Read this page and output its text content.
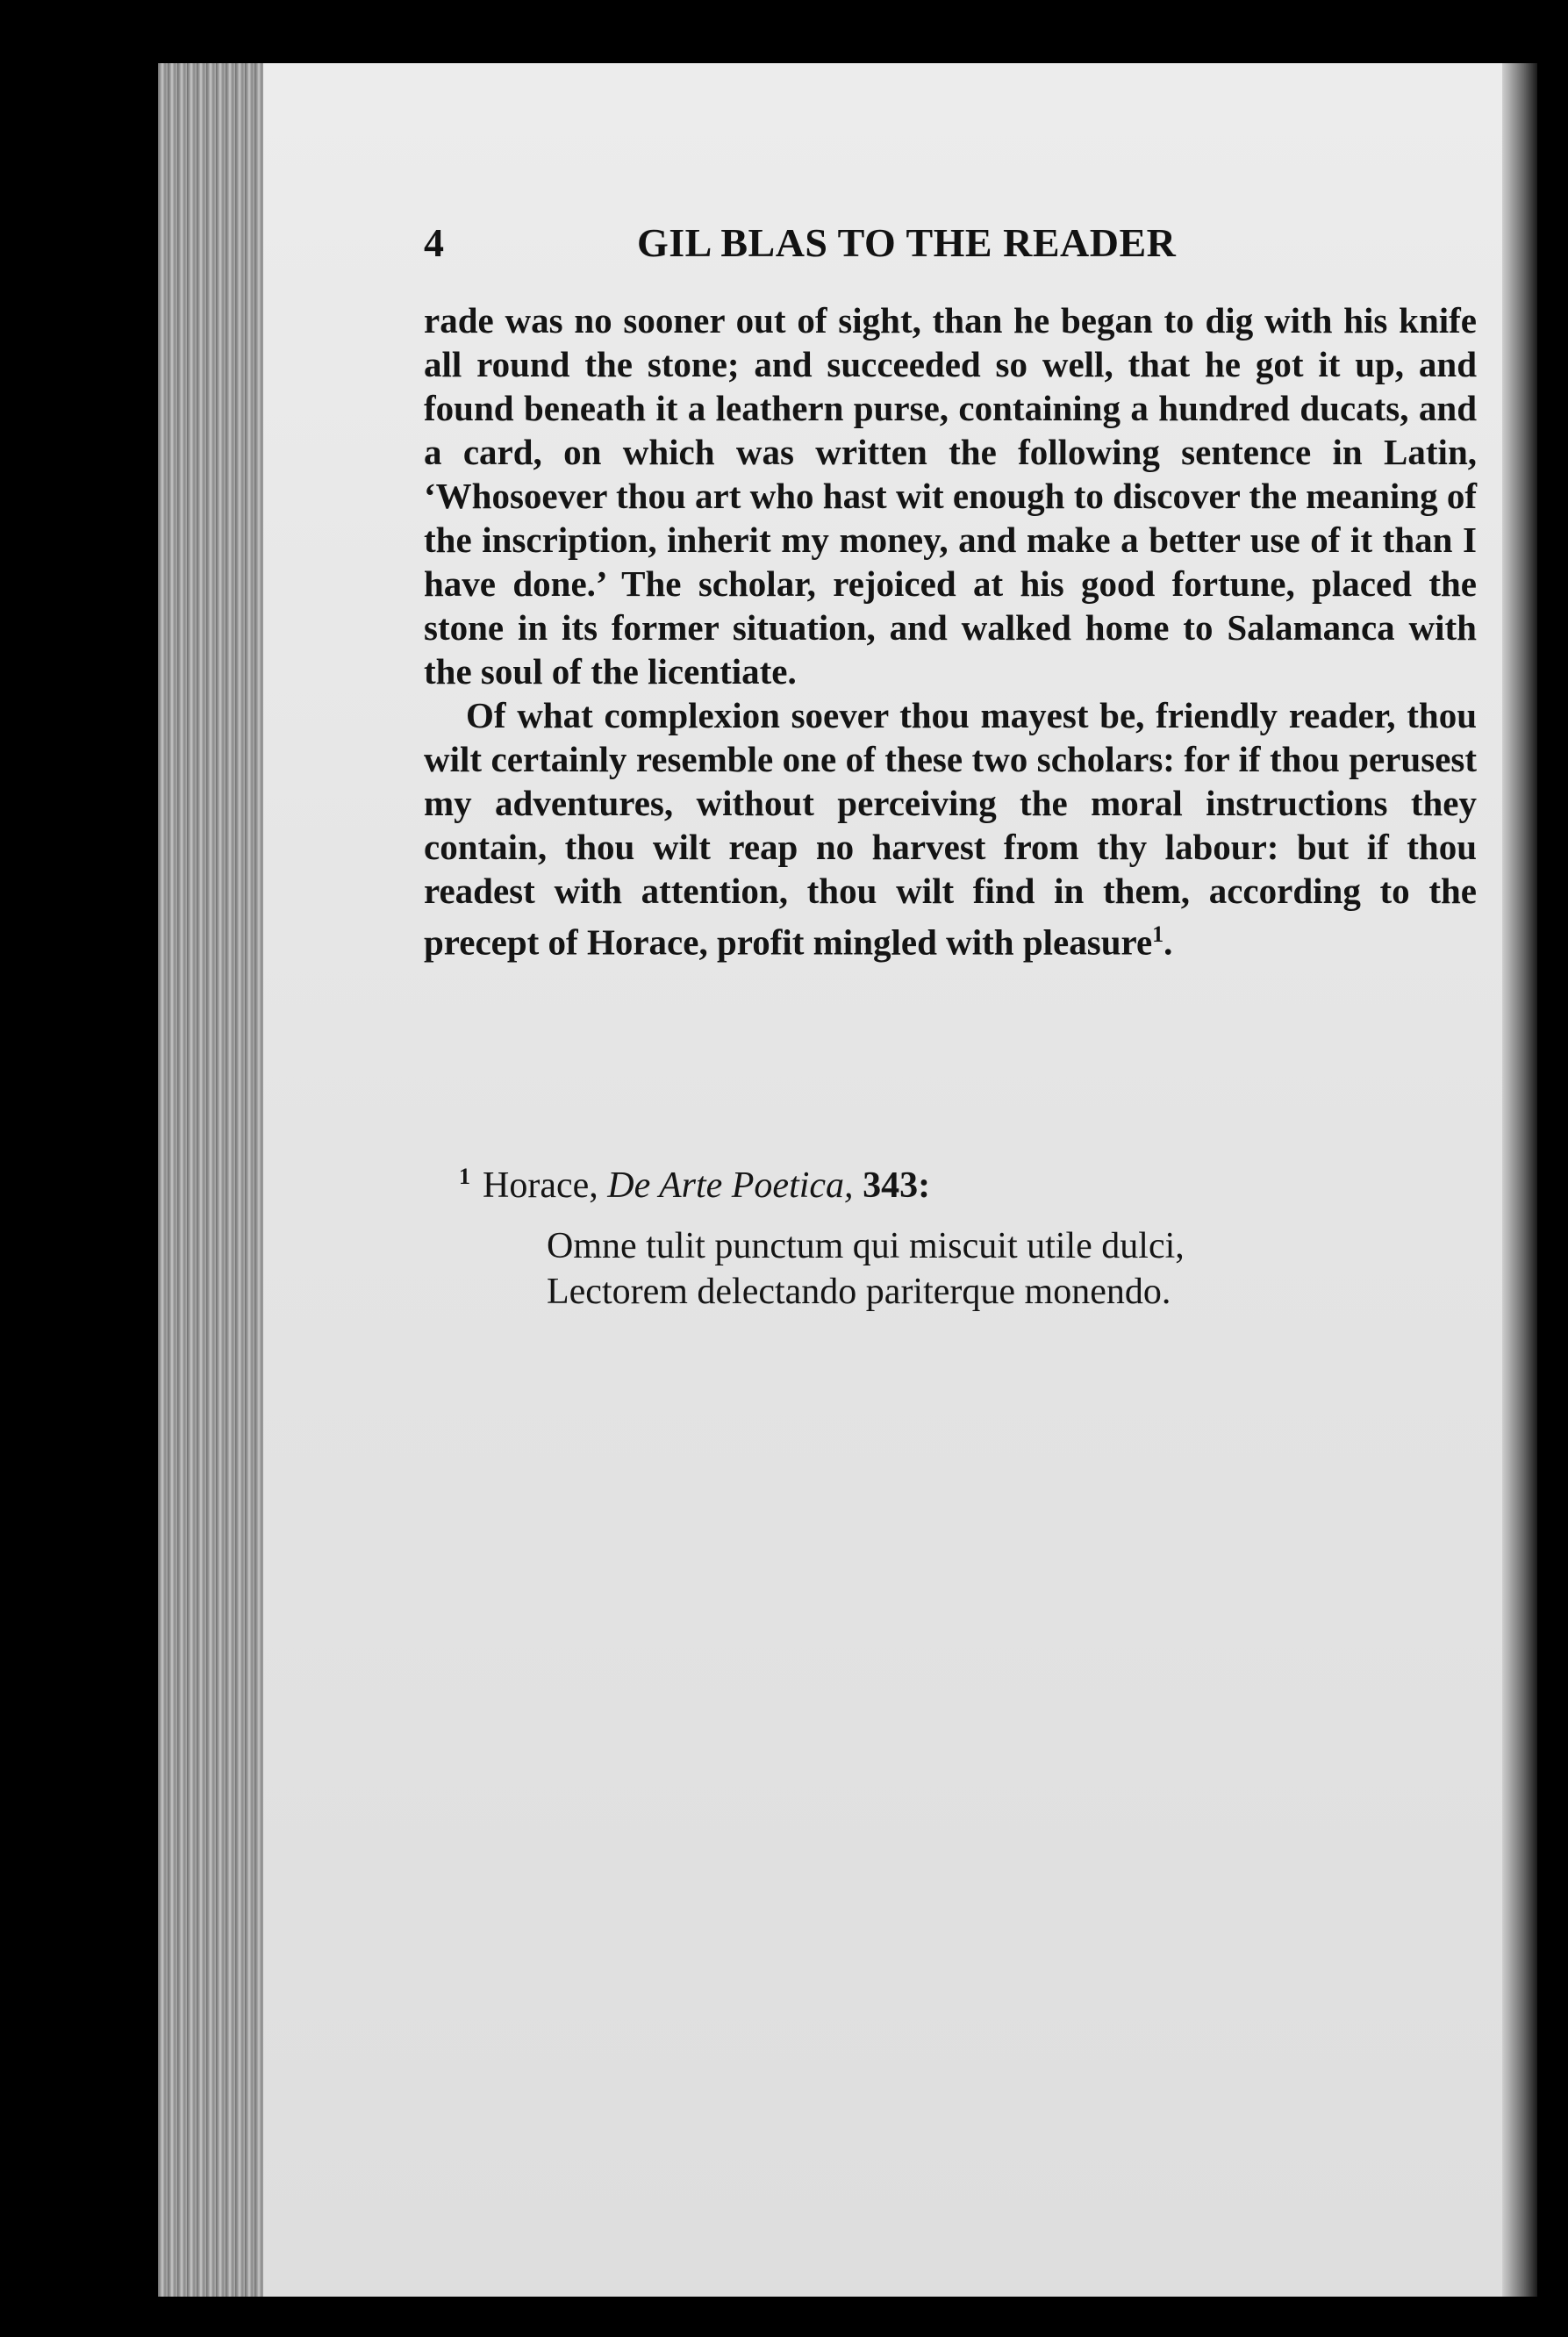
4	GIL BLAS TO THE READER

rade was no sooner out of sight, than he began to dig with his knife all round the stone; and succeeded so well, that he got it up, and found beneath it a leathern purse, containing a hundred ducats, and a card, on which was written the following sentence in Latin, ‘Whosoever thou art who hast wit enough to discover the meaning of the inscription, inherit my money, and make a better use of it than I have done.’ The scholar, rejoiced at his good fortune, placed the stone in its former situation, and walked home to Salamanca with the soul of the licentiate.

Of what complexion soever thou mayest be, friendly reader, thou wilt certainly resemble one of these two scholars: for if thou perusest my adventures, without perceiving the moral instructions they contain, thou wilt reap no harvest from thy labour: but if thou readest with attention, thou wilt find in them, according to the precept of Horace, profit mingled with pleasure$^1$.

$^1$ Horace, De Arte Poetica, 343:

Omne tulit punctum qui miscuit utile dulci,
Lectorem delectando pariterque monendo.
